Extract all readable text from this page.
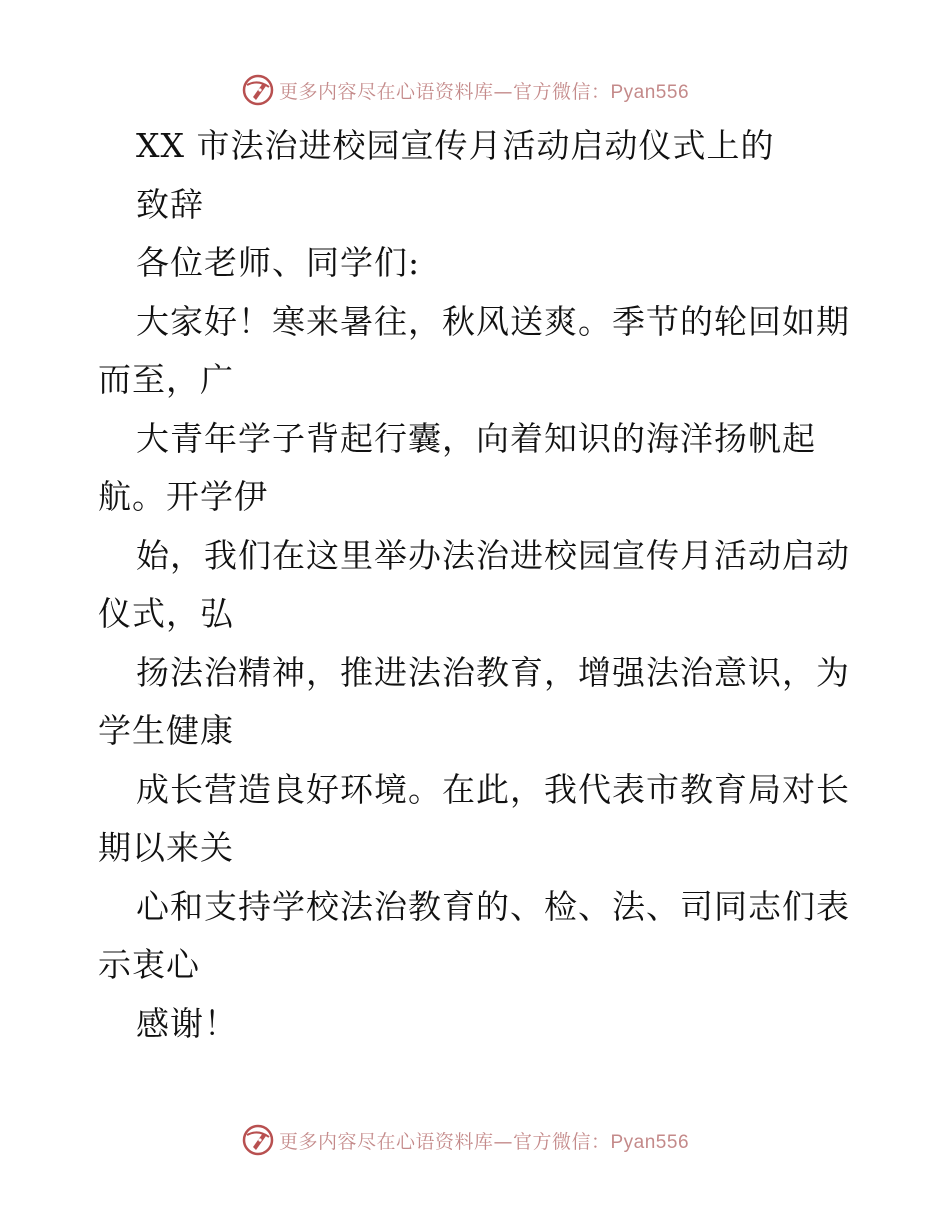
更多内容尽在心语资料库—官方微信：Pyan556
XX 市法治进校园宣传月活动启动仪式上的
致辞
各位老师、同学们:
大家好！寒来暑往，秋风送爽。季节的轮回如期
而至，广
大青年学子背起行囊，向着知识的海洋扬帆起
航。开学伊
始，我们在这里举办法治进校园宣传月活动启动
仪式，弘
扬法治精神，推进法治教育，增强法治意识，为
学生健康
成长营造良好环境。在此，我代表市教育局对长
期以来关
心和支持学校法治教育的、检、法、司同志们表
示衷心
感谢！
更多内容尽在心语资料库—官方微信：Pyan556
